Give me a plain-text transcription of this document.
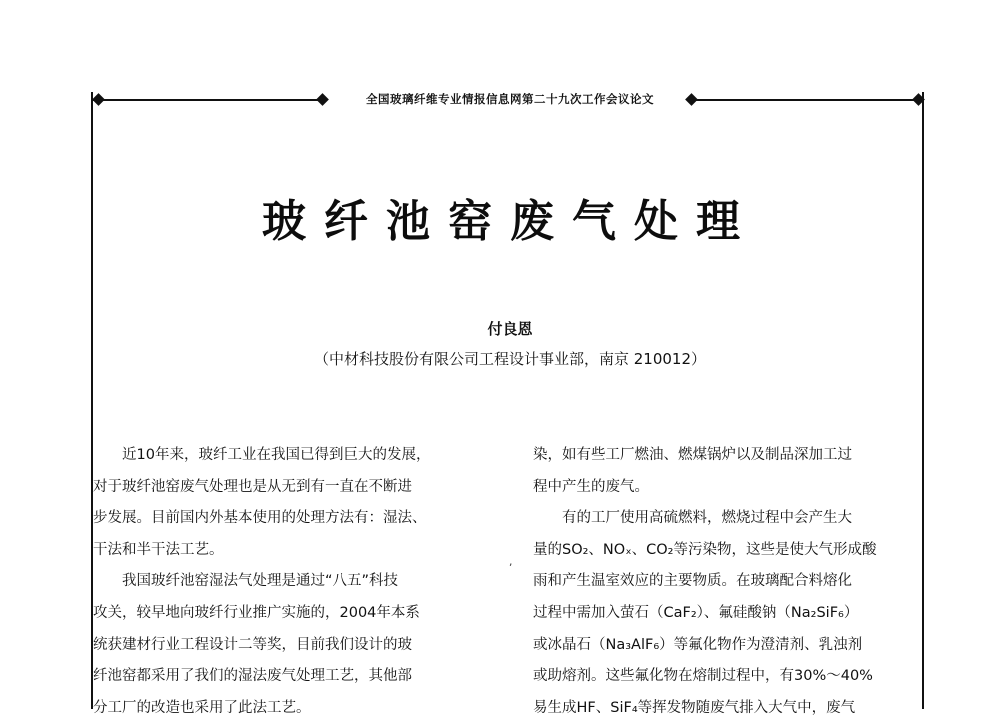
全国玻璃纤维专业情报信息网第二十九次工作会议论文
玻纤池窑废气处理
付良恩
（中材科技股份有限公司工程设计事业部，南京 210012）
近10年来，玻纤工业在我国已得到巨大的发展，
对于玻纤池窑废气处理也是从无到有一直在不断进
步发展。目前国内外基本使用的处理方法有：湿法、
干法和半干法工艺。
我国玻纤池窑湿法气处理是通过“八五”科技
攻关，较早地向玻纤行业推广实施的，2004年本系
统获建材行业工程设计二等奖，目前我们设计的玻
纤池窑都采用了我们的湿法废气处理工艺，其他部
分工厂的改造也采用了此法工艺。
’
染，如有些工厂燃油、燃煤锅炉以及制品深加工过
程中产生的废气。
有的工厂使用高硫燃料，燃烧过程中会产生大
量的SO₂、NOₓ、CO₂等污染物，这些是使大气形成酸
雨和产生温室效应的主要物质。在玻璃配合料熔化
过程中需加入萤石（CaF₂）、氟硅酸钠（Na₂SiF₆）
或冰晶石（Na₃AlF₆）等氟化物作为澄清剂、乳浊剂
或助熔剂。这些氟化物在熔制过程中，有30%～40%
易生成HF、SiF₄等挥发物随废气排入大气中，废气
